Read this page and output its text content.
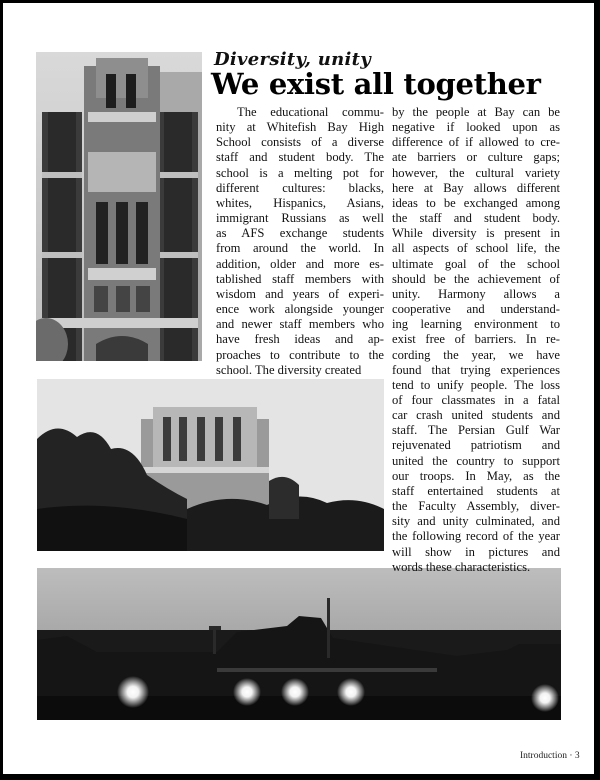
Diversity, unity
We exist all together
The educational commu-
nity at Whitefish Bay High
School consists of a diverse
staff and student body. The
school is a melting pot for
different cultures: blacks,
whites, Hispanics, Asians,
immigrant Russians as well
as AFS exchange students
from around the world. In
addition, older and more es-
tablished staff members with
wisdom and years of experi-
ence work alongside younger
and newer staff members who
have fresh ideas and ap-
proaches to contribute to the
school. The diversity created
by the people at Bay can be
negative if looked upon as
difference of if allowed to cre-
ate barriers or culture gaps;
however, the cultural variety
here at Bay allows different
ideas to be exchanged among
the staff and student body.
While diversity is present in
all aspects of school life, the
ultimate goal of the school
should be the achievement of
unity. Harmony allows a
cooperative and understand-
ing learning environment to
exist free of barriers. In re-
cording the year, we have
found that trying experiences
tend to unify people. The loss
of four classmates in a fatal
car crash united students and
staff. The Persian Gulf War
rejuvenated patriotism and
united the country to support
our troops. In May, as the
staff entertained students at
the Faculty Assembly, diver-
sity and unity culminated, and
the following record of the year
will show in pictures and
words these characteristics.
Introduction · 3
